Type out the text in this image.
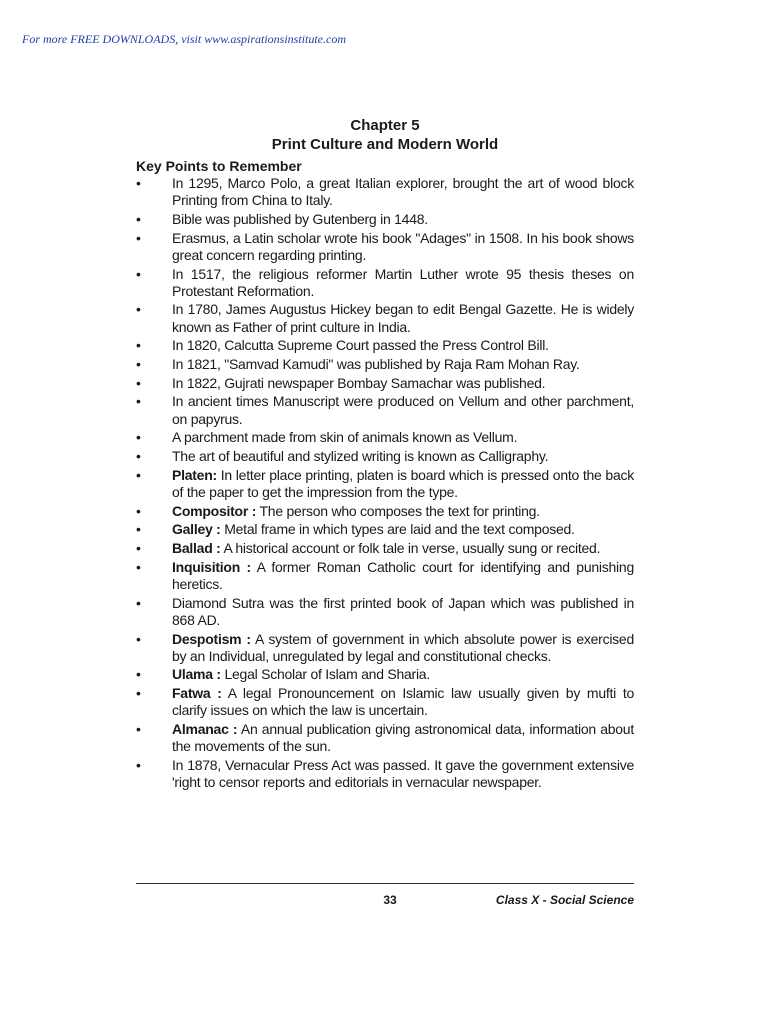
For more FREE DOWNLOADS, visit www.aspirationsinstitute.com

Chapter 5

Print Culture and Modern World

Key Points to Remember

•	In 1295, Marco Polo, a great Italian explorer, brought the art of wood block Printing from China to Italy.
•	Bible was published by Gutenberg in 1448.
•	Erasmus, a Latin scholar wrote his book "Adages" in 1508. In his book shows great concern regarding printing.
•	In 1517, the religious reformer Martin Luther wrote 95 thesis theses on Protestant Reformation.
•	In 1780, James Augustus Hickey began to edit Bengal Gazette. He is widely known as Father of print culture in India.
•	In 1820, Calcutta Supreme Court passed the Press Control Bill.
•	In 1821, "Samvad Kamudi" was published by Raja Ram Mohan Ray.
•	In 1822, Gujrati newspaper Bombay Samachar was published.
•	In ancient times Manuscript were produced on Vellum and other parchment, on papyrus.
•	A parchment made from skin of animals known as Vellum.
•	The art of beautiful and stylized writing is known as Calligraphy.
•	Platen: In letter place printing, platen is board which is pressed onto the back of the paper to get the impression from the type.
•	Compositor : The person who composes the text for printing.
•	Galley : Metal frame in which types are laid and the text composed.
•	Ballad : A historical account or folk tale in verse, usually sung or recited.
•	Inquisition : A former Roman Catholic court for identifying and punishing heretics.
•	Diamond Sutra was the first printed book of Japan which was published in 868 AD.
•	Despotism : A system of government in which absolute power is exercised by an Individual, unregulated by legal and constitutional checks.
•	Ulama : Legal Scholar of Islam and Sharia.
•	Fatwa : A legal Pronouncement on Islamic law usually given by mufti to clarify issues on which the law is uncertain.
•	Almanac : An annual publication giving astronomical data, information about the movements of the sun.
•	In 1878, Vernacular Press Act was passed. It gave the government extensive 'right to censor reports and editorials in vernacular newspaper.
33	Class X - Social Science
